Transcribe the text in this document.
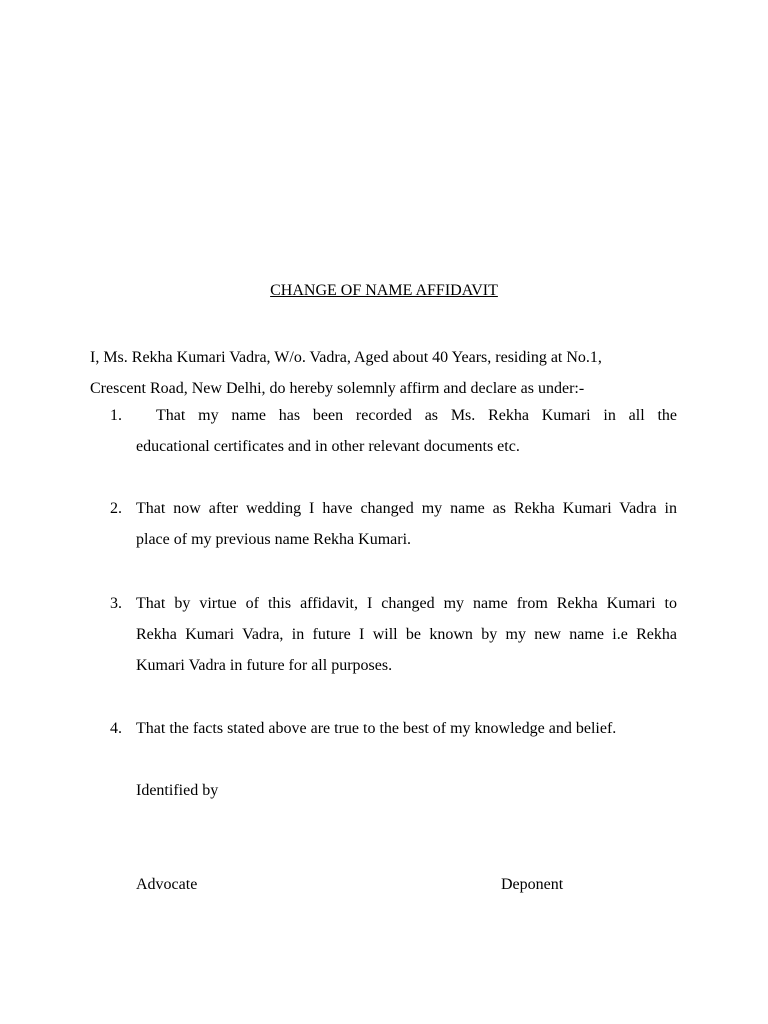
CHANGE OF NAME AFFIDAVIT
I, Ms. Rekha Kumari Vadra, W/o. Vadra, Aged about 40 Years, residing at No.1,
Crescent Road, New Delhi, do hereby solemnly affirm and declare as under:-
1.	That my name has been recorded as Ms. Rekha Kumari in all the
educational certificates and in other relevant documents etc.
2. That now after wedding I have changed my name as Rekha Kumari Vadra in
place of my previous name Rekha Kumari.
3. That by virtue of this affidavit, I changed my name from Rekha Kumari to
Rekha Kumari Vadra, in future I will be known by my new name i.e Rekha
Kumari Vadra in future for all purposes.
4. That the facts stated above are true to the best of my knowledge and belief.
Identified by
Advocate	Deponent
